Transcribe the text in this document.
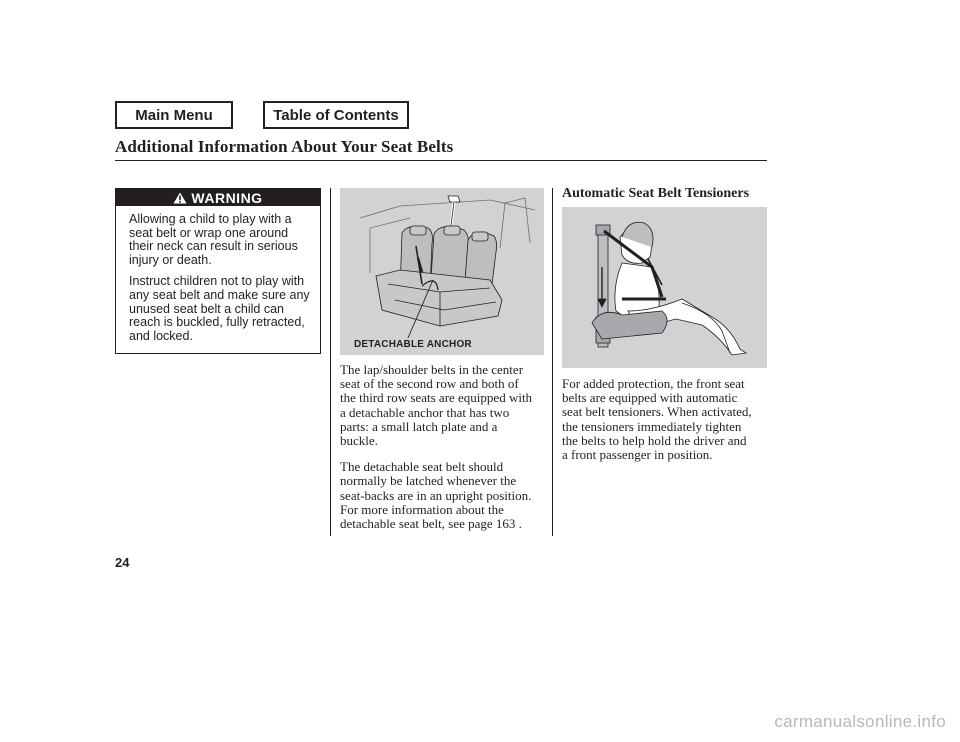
Main Menu	Table of Contents
Additional Information About Your Seat Belts
WARNING

Allowing a child to play with a seat belt or wrap one around their neck can result in serious injury or death.

Instruct children not to play with any seat belt and make sure any unused seat belt a child can reach is buckled, fully retracted, and locked.

DETACHABLE ANCHOR

The lap/shoulder belts in the center
seat of the second row and both of
the third row seats are equipped with
a detachable anchor that has two
parts: a small latch plate and a
buckle.

The detachable seat belt should
normally be latched whenever the
seat-backs are in an upright position.
For more information about the
detachable seat belt, see page 163 .

Automatic Seat Belt Tensioners

For added protection, the front seat
belts are equipped with automatic
seat belt tensioners. When activated,
the tensioners immediately tighten
the belts to help hold the driver and
a front passenger in position.

24
carmanualsonline.info
